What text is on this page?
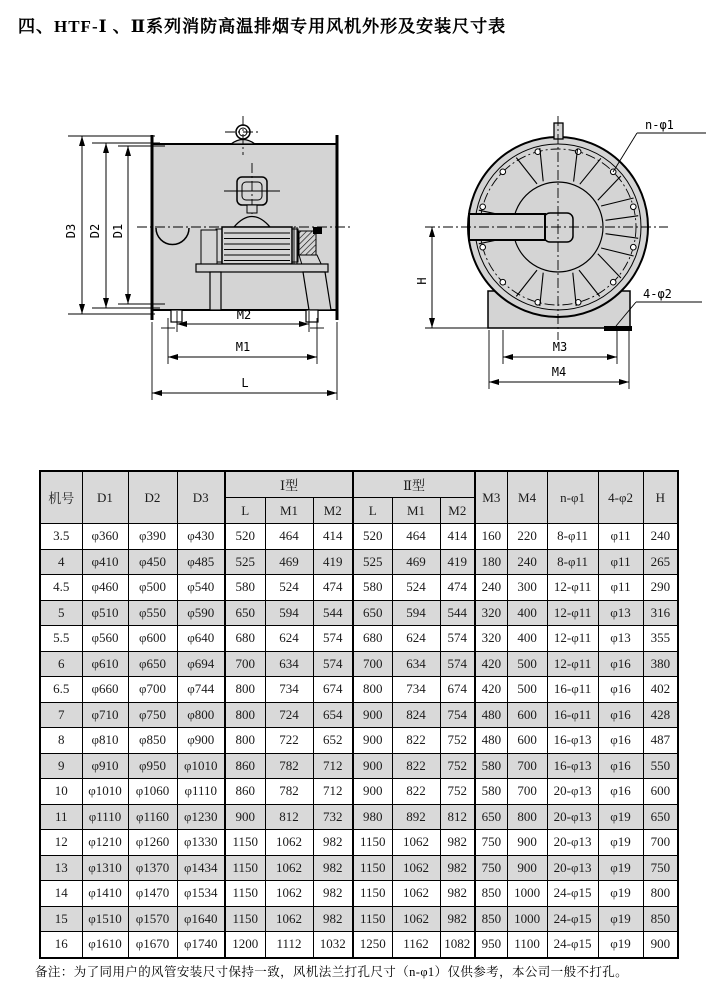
四、HTF-Ⅰ 、Ⅱ系列消防高温排烟专用风机外形及安装尺寸表
D3 D2 D1
M2
M1
L
H
M3
M4
n-φ1
4-φ2
机号	D1	D2	D3	Ⅰ型			Ⅱ型			M3	M4	n-φ1	4-φ2	H
				L	M1	M2	L	M1	M2					
3.5	φ360	φ390	φ430	520	464	414	520	464	414	160	220	8-φ11	φ11	240
4	φ410	φ450	φ485	525	469	419	525	469	419	180	240	8-φ11	φ11	265
4.5	φ460	φ500	φ540	580	524	474	580	524	474	240	300	12-φ11	φ11	290
5	φ510	φ550	φ590	650	594	544	650	594	544	320	400	12-φ11	φ13	316
5.5	φ560	φ600	φ640	680	624	574	680	624	574	320	400	12-φ11	φ13	355
6	φ610	φ650	φ694	700	634	574	700	634	574	420	500	12-φ11	φ16	380
6.5	φ660	φ700	φ744	800	734	674	800	734	674	420	500	16-φ11	φ16	402
7	φ710	φ750	φ800	800	724	654	900	824	754	480	600	16-φ11	φ16	428
8	φ810	φ850	φ900	800	722	652	900	822	752	480	600	16-φ13	φ16	487
9	φ910	φ950	φ1010	860	782	712	900	822	752	580	700	16-φ13	φ16	550
10	φ1010	φ1060	φ1110	860	782	712	900	822	752	580	700	20-φ13	φ16	600
11	φ1110	φ1160	φ1230	900	812	732	980	892	812	650	800	20-φ13	φ19	650
12	φ1210	φ1260	φ1330	1150	1062	982	1150	1062	982	750	900	20-φ13	φ19	700
13	φ1310	φ1370	φ1434	1150	1062	982	1150	1062	982	750	900	20-φ13	φ19	750
14	φ1410	φ1470	φ1534	1150	1062	982	1150	1062	982	850	1000	24-φ15	φ19	800
15	φ1510	φ1570	φ1640	1150	1062	982	1150	1062	982	850	1000	24-φ15	φ19	850
16	φ1610	φ1670	φ1740	1200	1112	1032	1250	1162	1082	950	1100	24-φ15	φ19	900
备注：为了同用户的风管安装尺寸保持一致，风机法兰打孔尺寸（n-φ1）仅供参考，本公司一般不打孔。
